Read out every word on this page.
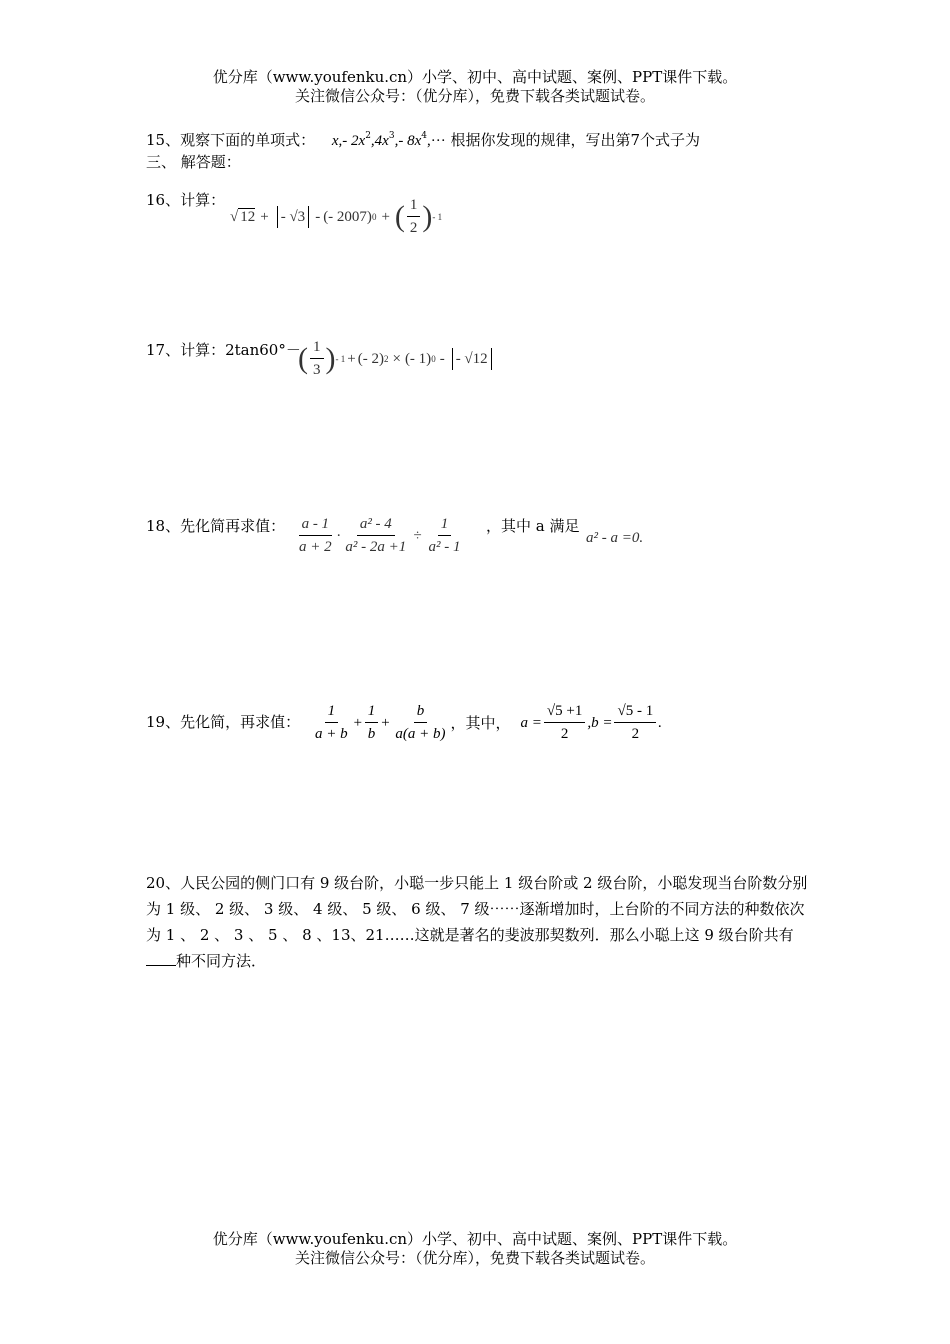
优分库（www.youfenku.cn）小学、初中、高中试题、案例、PPT课件下载。
关注微信公众号：（优分库），免费下载各类试题试卷。
15、观察下面的单项式： x,- $2x^2,4x^3,-$ $8x^4,\cdot\cdot\cdot$ 根据你发现的规律，写出第7个式子为
三、 解答题：
16、计算：
√ 12 + - √3 - (- 2007) 0 + ( $\frac{1}{2}$ ) - 1
17、计算：2tan60°－
( $\frac{1}{3}$ ) - 1 + (- 2) 2 × (- 1) 0 - - √12
18、先化简再求值： $\frac{a - 1}{a + 2} \cdot \frac{\text{a² - 4}}{\text{a² - 2a +1}} \div \frac{1}{\text{a² - 1}}$ ，其中 a 满足
a² - a =0.
19、先化简，再求值： $\frac{1}{a + b} + \frac{1}{b} + \frac{b}{a(a + b)}$ ，其中， $a = \frac{√5 +1}{2} ,b = \frac{√5 - 1}{2}$ .
20、人民公园的侧门口有 9 级台阶，小聪一步只能上 1 级台阶或 2 级台阶，小聪发现当台阶数分别为 1 级、 2 级、 3 级、 4 级、 5 级、 6 级、 7 级⋯⋯逐渐增加时，上台阶的不同方法的种数依次为 1 、 2 、 3 、 5 、 8 、13、21……这就是著名的斐波那契数列．那么小聪上这 9 级台阶共有种不同方法．
优分库（www.youfenku.cn）小学、初中、高中试题、案例、PPT课件下载。
关注微信公众号：（优分库），免费下载各类试题试卷。
